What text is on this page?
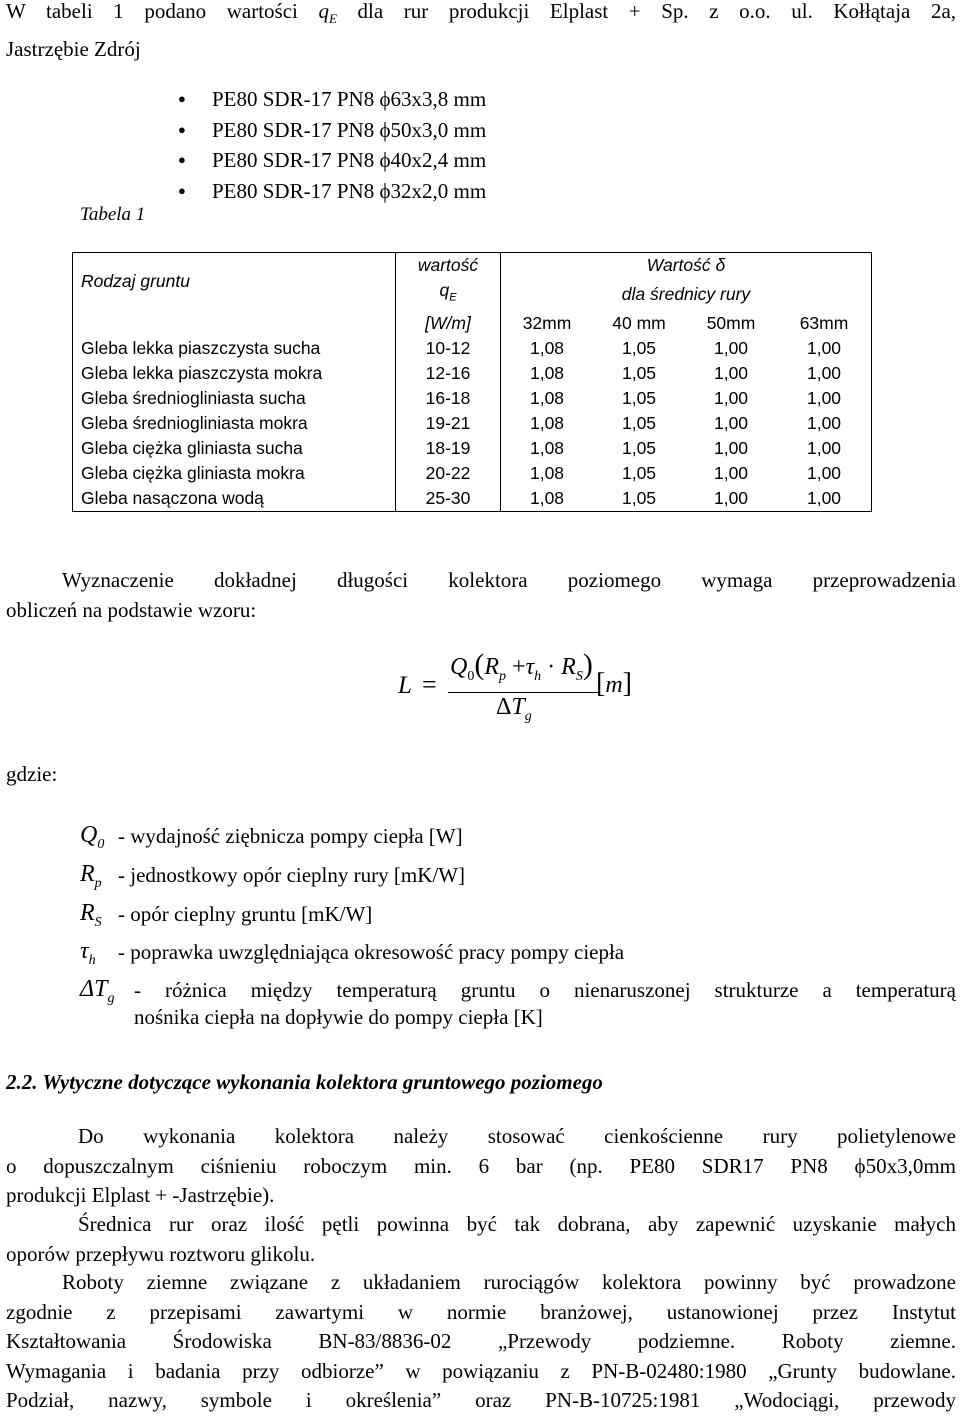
W tabeli 1 podano wartości $q_E$ dla rur produkcji Elplast + Sp. z o.o. ul. Kołłątaja 2a,
Jastrzębie Zdrój
● PE80 SDR-17 PN8 ϕ63x3,8 mm
● PE80 SDR-17 PN8 ϕ50x3,0 mm
● PE80 SDR-17 PN8 ϕ40x2,4 mm
● PE80 SDR-17 PN8 ϕ32x2,0 mm
Tabela 1
Rodzaj gruntu	wartość	Wartość δ			
	$q_E$	dla średnicy rury			
	[W/m]	32mm	40 mm	50mm	63mm
Gleba lekka piaszczysta sucha	10-12	1,08	1,05	1,00	1,00
Gleba lekka piaszczysta mokra	12-16	1,08	1,05	1,00	1,00
Gleba średniogliniasta sucha	16-18	1,08	1,05	1,00	1,00
Gleba średniogliniasta mokra	19-21	1,08	1,05	1,00	1,00
Gleba ciężka gliniasta sucha	18-19	1,08	1,05	1,00	1,00
Gleba ciężka gliniasta mokra	20-22	1,08	1,05	1,00	1,00
Gleba nasączona wodą	25-30	1,08	1,05	1,00	1,00
Wyznaczenie dokładnej długości kolektora poziomego wymaga przeprowadzenia
obliczeń na podstawie wzoru:
L =
$Q_0(R_p +\tau_h \cdot R_S)$
$\Delta T_g$
[m]
gdzie:
$Q_0$ - wydajność ziębnicza pompy ciepła [W]
$R_p$ - jednostkowy opór cieplny rury [mK/W]
$R_S$ - opór cieplny gruntu [mK/W]
$\tau_h$	- poprawka uwzględniająca okresowość pracy pompy ciepła
$\Delta T_g$ - różnica między temperaturą gruntu o nienaruszonej strukturze a temperaturą
nośnika ciepła na dopływie do pompy ciepła [K]
2.2. Wytyczne dotyczące wykonania kolektora gruntowego poziomego
Do wykonania kolektora należy stosować cienkościenne rury polietylenowe
o dopuszczalnym ciśnieniu roboczym min. 6 bar (np. PE80 SDR17 PN8 ϕ50x3,0mm
produkcji Elplast + -Jastrzębie).
Średnica rur oraz ilość pętli powinna być tak dobrana, aby zapewnić uzyskanie małych
oporów przepływu roztworu glikolu.
Roboty ziemne związane z układaniem rurociągów kolektora powinny być prowadzone
zgodnie z przepisami zawartymi w normie branżowej, ustanowionej przez Instytut
Kształtowania Środowiska BN-83/8836-02 „Przewody podziemne. Roboty ziemne.
Wymagania i badania przy odbiorze” w powiązaniu z PN-B-02480:1980 „Grunty budowlane.
Podział, nazwy, symbole i określenia” oraz PN-B-10725:1981 „Wodociągi, przewody
